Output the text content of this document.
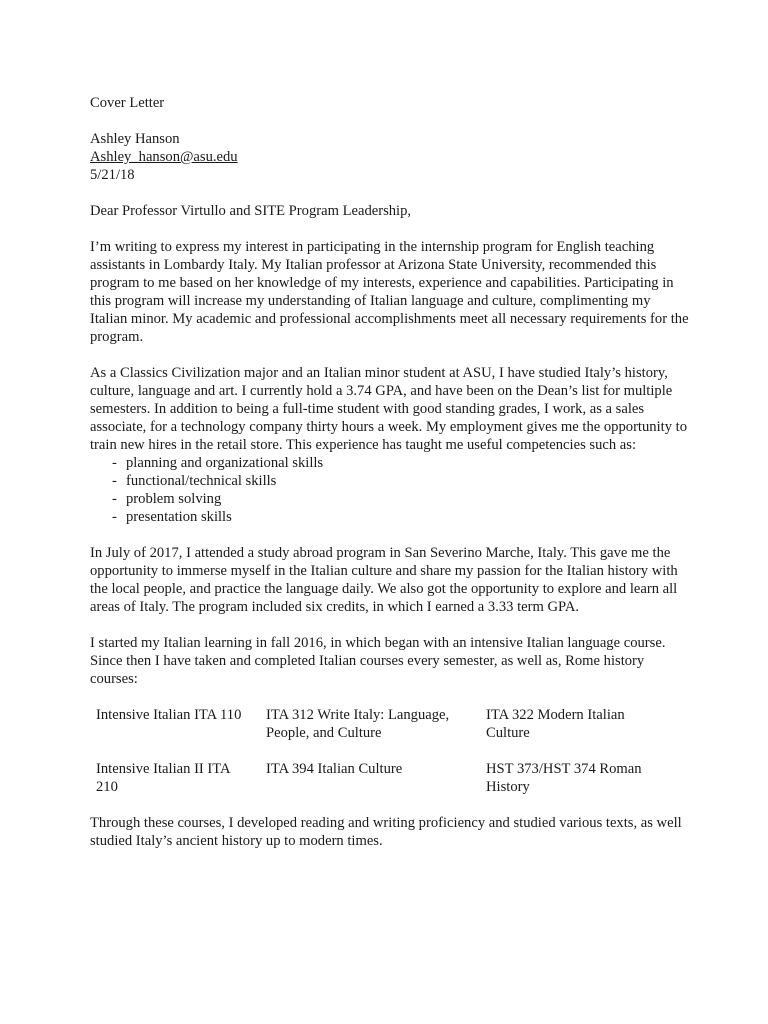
Cover Letter

Ashley Hanson

Ashley_hanson@asu.edu

5/21/18

Dear Professor Virtullo and SITE Program Leadership,

I’m writing to express my interest in participating in the internship program for English teaching assistants in Lombardy Italy. My Italian professor at Arizona State University, recommended this program to me based on her knowledge of my interests, experience and capabilities. Participating in this program will increase my understanding of Italian language and culture, complimenting my Italian minor. My academic and professional accomplishments meet all necessary requirements for the program.

As a Classics Civilization major and an Italian minor student at ASU, I have studied Italy’s history, culture, language and art. I currently hold a 3.74 GPA, and have been on the Dean’s list for multiple semesters. In addition to being a full-time student with good standing grades, I work, as a sales associate, for a technology company thirty hours a week. My employment gives me the opportunity to train new hires in the retail store. This experience has taught me useful competencies such as:

- planning and organizational skills
- functional/technical skills
- problem solving
- presentation skills

In July of 2017, I attended a study abroad program in San Severino Marche, Italy. This gave me the opportunity to immerse myself in the Italian culture and share my passion for the Italian history with the local people, and practice the language daily. We also got the opportunity to explore and learn all areas of Italy. The program included six credits, in which I earned a 3.33 term GPA.

I started my Italian learning in fall 2016, in which began with an intensive Italian language course. Since then I have taken and completed Italian courses every semester, as well as, Rome history courses:

Intensive Italian ITA 110	ITA 312 Write Italy: Language, People, and Culture	ITA 322 Modern Italian Culture

Intensive Italian II ITA 210	ITA 394 Italian Culture	HST 373/HST 374 Roman History

Through these courses, I developed reading and writing proficiency and studied various texts, as well studied Italy’s ancient history up to modern times.
